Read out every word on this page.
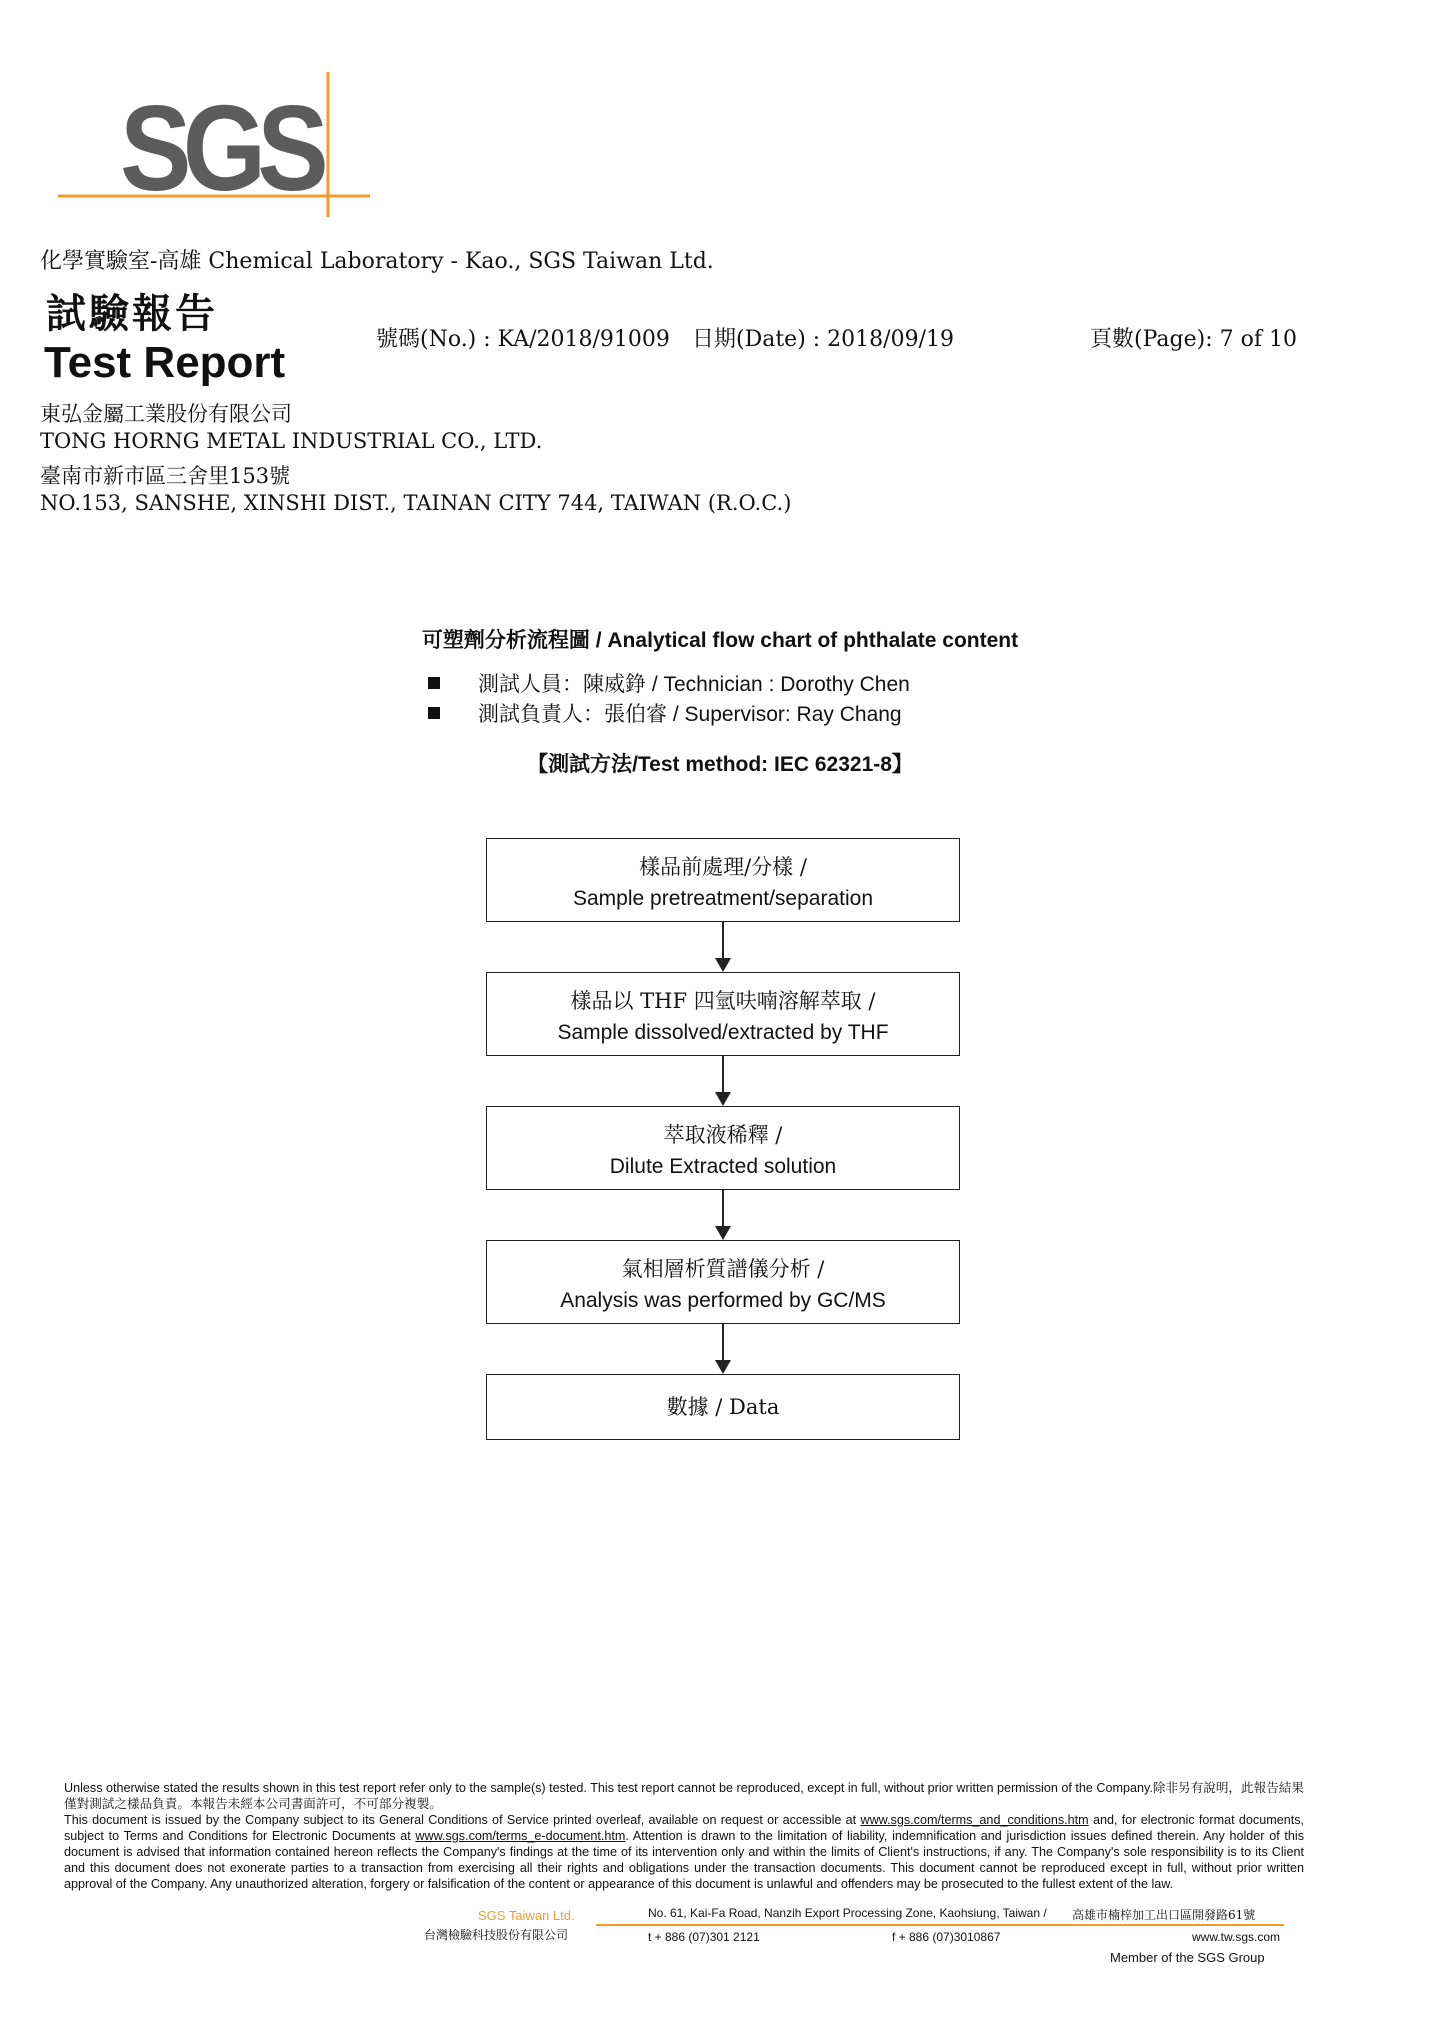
SGS
化學實驗室-高雄 Chemical Laboratory - Kao., SGS Taiwan Ltd.
試驗報告
Test Report	號碼(No.) : KA/2018/91009 日期(Date) : 2018/09/19	頁數(Page): 7 of 10
東弘金屬工業股份有限公司
TONG HORNG METAL INDUSTRIAL CO., LTD.
臺南市新市區三舍里153號
NO.153, SANSHE, XINSHI DIST., TAINAN CITY 744, TAIWAN (R.O.C.)
可塑劑分析流程圖 / Analytical flow chart of phthalate content
測試人員：陳威錚 / Technician : Dorothy Chen
測試負責人：張伯睿 / Supervisor: Ray Chang
【測試方法/Test method: IEC 62321-8】
樣品前處理/分樣 /
Sample pretreatment/separation
樣品以 THF 四氫呋喃溶解萃取 /
Sample dissolved/extracted by THF
萃取液稀釋 /
Dilute Extracted solution
氣相層析質譜儀分析 /
Analysis was performed by GC/MS
數據 / Data
Unless otherwise stated the results shown in this test report refer only to the sample(s) tested. This test report cannot be reproduced, except in full, without prior written permission of the Company.除非另有說明，此報告結果僅對測試之樣品負責。本報告未經本公司書面許可，不可部分複製。
This document is issued by the Company subject to its General Conditions of Service printed overleaf, available on request or accessible at www.sgs.com/terms_and_conditions.htm and, for electronic format documents, subject to Terms and Conditions for Electronic Documents at www.sgs.com/terms_e-document.htm. Attention is drawn to the limitation of liability, indemnification and jurisdiction issues defined therein. Any holder of this document is advised that information contained hereon reflects the Company's findings at the time of its intervention only and within the limits of Client's instructions, if any. The Company's sole responsibility is to its Client and this document does not exonerate parties to a transaction from exercising all their rights and obligations under the transaction documents. This document cannot be reproduced except in full, without prior written approval of the Company. Any unauthorized alteration, forgery or falsification of the content or appearance of this document is unlawful and offenders may be prosecuted to the fullest extent of the law.
SGS Taiwan Ltd.
台灣檢驗科技股份有限公司
No. 61, Kai-Fa Road, Nanzih Export Processing Zone, Kaohsiung, Taiwan / 高雄市楠梓加工出口區開發路61號
t + 886 (07)301 2121	f + 886 (07)3010867	www.tw.sgs.com
Member of the SGS Group
